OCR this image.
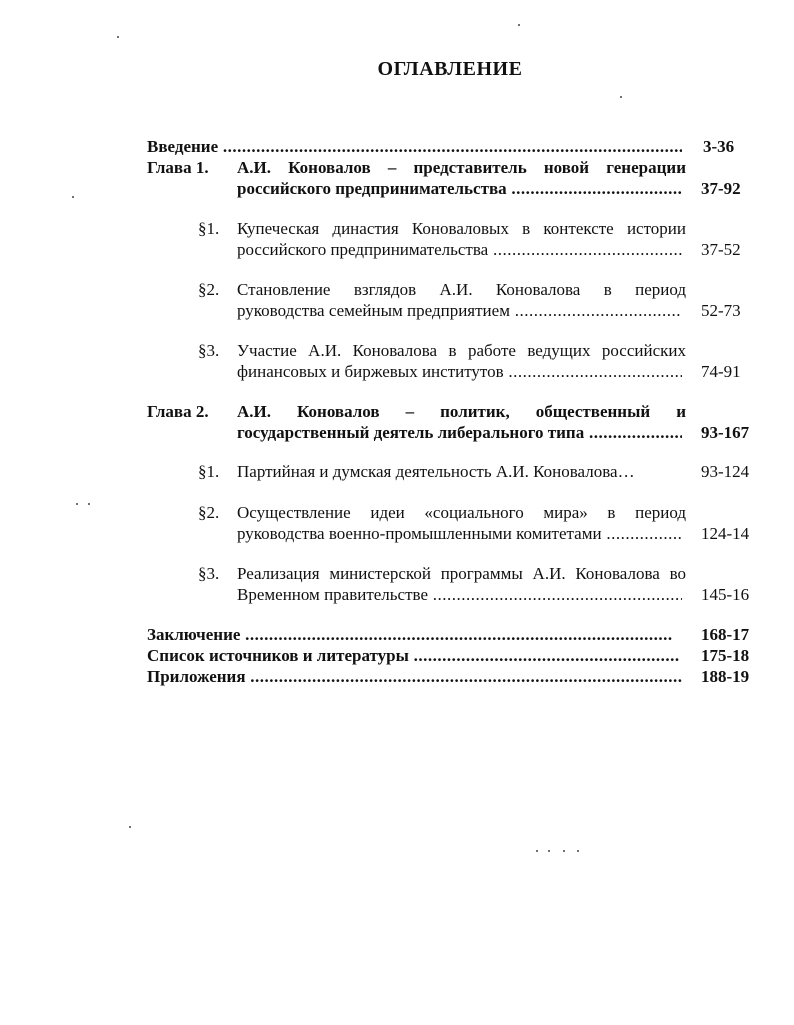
ОГЛАВЛЕНИЕ
Введение .....	3-36
Глава 1. А.И. Коновалов – представитель новой генерации
российского предпринимательства .....	37-92
§1. Купеческая династия Коноваловых в контексте истории
российского предпринимательства .....	37-52
§2. Становление взглядов А.И. Коновалова в период
руководства семейным предприятием .....	52-73
§3. Участие А.И. Коновалова в работе ведущих российских
финансовых и биржевых институтов .....	74-91
Глава 2. А.И. Коновалов – политик, общественный и
государственный деятель либерального типа .....	93-167
§1. Партийная и думская деятельность А.И. Коновалова…	93-124
§2. Осуществление идеи «социального мира» в период
руководства военно-промышленными комитетами .....	124-14
§3. Реализация министерской программы А.И. Коновалова во
Временном правительстве .....	145-16
Заключение .....	168-17
Список источников и литературы .....	175-18
Приложения .....	188-19
